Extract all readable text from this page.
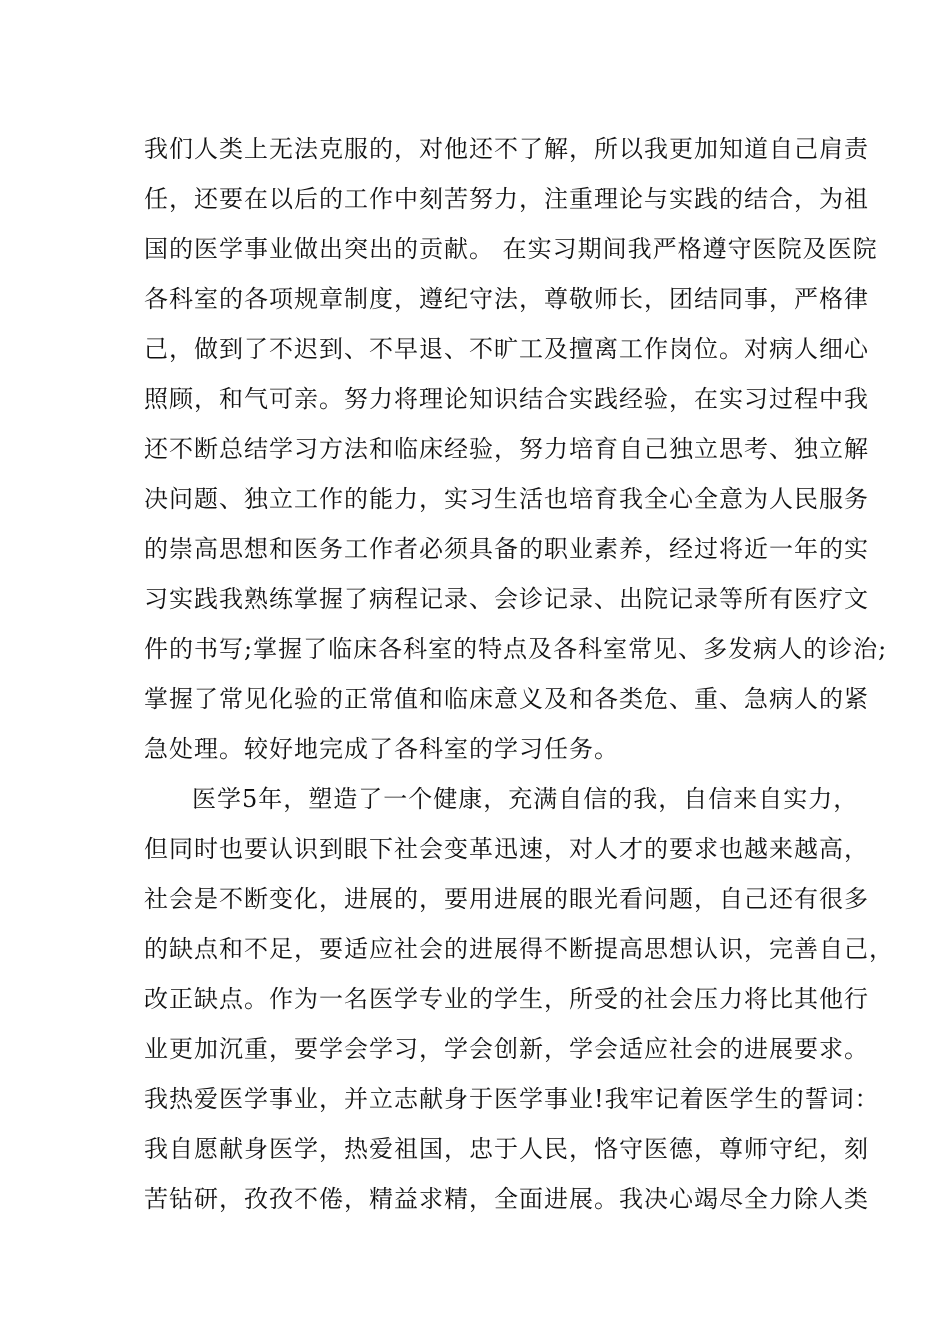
我们人类上无法克服的，对他还不了解，所以我更加知道自己肩责
任，还要在以后的工作中刻苦努力，注重理论与实践的结合，为祖
国的医学事业做出突出的贡献。 在实习期间我严格遵守医院及医院
各科室的各项规章制度，遵纪守法，尊敬师长，团结同事，严格律
己，做到了不迟到、不早退、不旷工及擅离工作岗位。对病人细心
照顾，和气可亲。努力将理论知识结合实践经验，在实习过程中我
还不断总结学习方法和临床经验，努力培育自己独立思考、独立解
决问题、独立工作的能力，实习生活也培育我全心全意为人民服务
的崇高思想和医务工作者必须具备的职业素养，经过将近一年的实
习实践我熟练掌握了病程记录、会诊记录、出院记录等所有医疗文
件的书写;掌握了临床各科室的特点及各科室常见、多发病人的诊治;
掌握了常见化验的正常值和临床意义及和各类危、重、急病人的紧
急处理。较好地完成了各科室的学习任务。
医学5年，塑造了一个健康，充满自信的我，自信来自实力，
但同时也要认识到眼下社会变革迅速，对人才的要求也越来越高，
社会是不断变化，进展的，要用进展的眼光看问题，自己还有很多
的缺点和不足，要适应社会的进展得不断提高思想认识，完善自己，
改正缺点。作为一名医学专业的学生，所受的社会压力将比其他行
业更加沉重，要学会学习，学会创新，学会适应社会的进展要求。
我热爱医学事业，并立志献身于医学事业!我牢记着医学生的誓词：
我自愿献身医学，热爱祖国，忠于人民，恪守医德，尊师守纪，刻
苦钻研，孜孜不倦，精益求精，全面进展。我决心竭尽全力除人类
